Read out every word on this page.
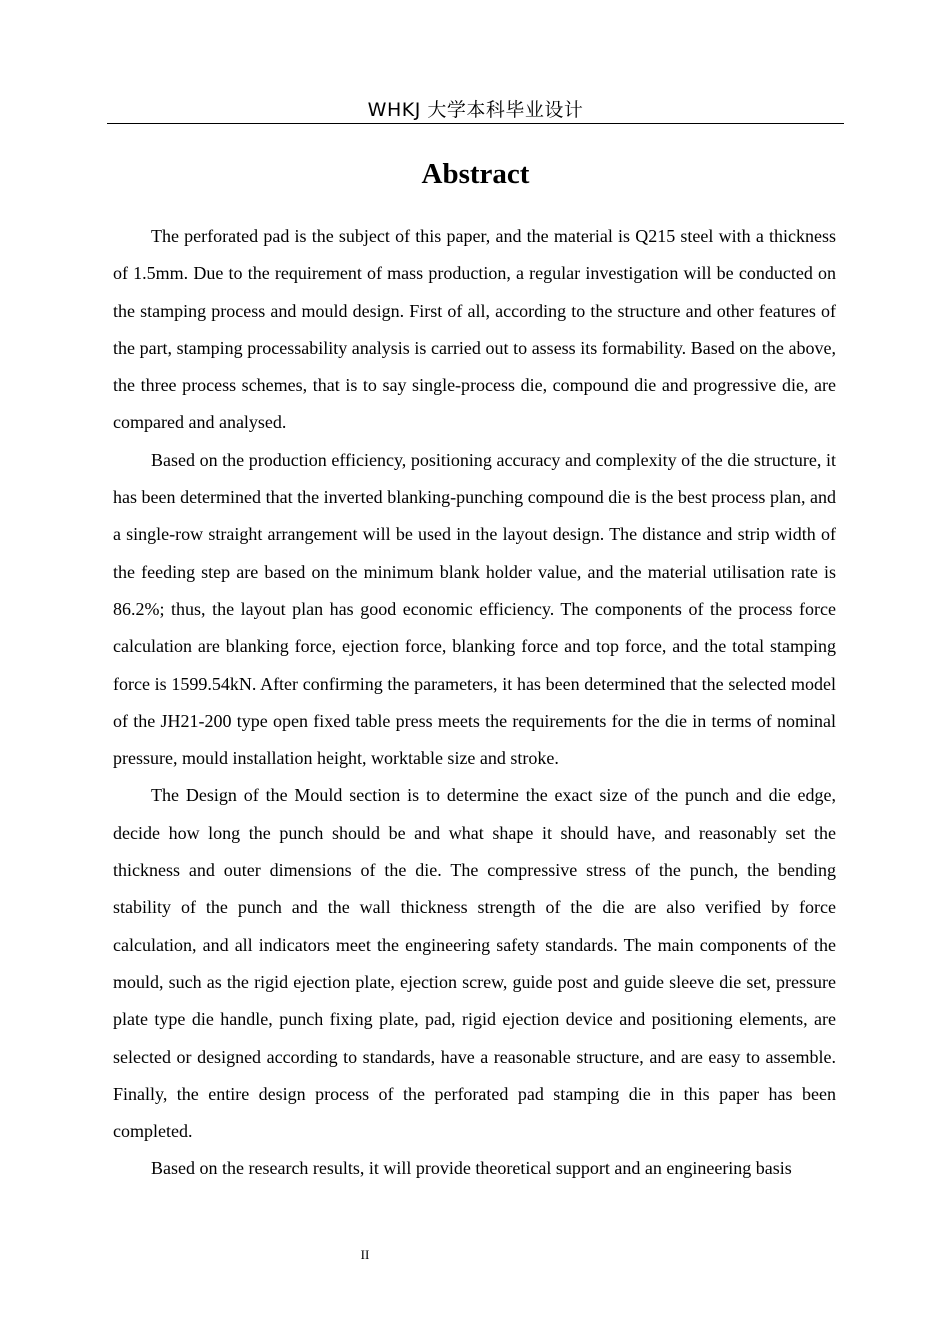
WHKJ 大学本科毕业设计
Abstract

The perforated pad is the subject of this paper, and the material is Q215 steel with a thickness of 1.5mm. Due to the requirement of mass production, a regular investigation will be conducted on the stamping process and mould design. First of all, according to the structure and other features of the part, stamping processability analysis is carried out to assess its formability. Based on the above, the three process schemes, that is to say single-process die, compound die and progressive die, are compared and analysed.

Based on the production efficiency, positioning accuracy and complexity of the die structure, it has been determined that the inverted blanking-punching compound die is the best process plan, and a single-row straight arrangement will be used in the layout design. The distance and strip width of the feeding step are based on the minimum blank holder value, and the material utilisation rate is 86.2%; thus, the layout plan has good economic efficiency. The components of the process force calculation are blanking force, ejection force, blanking force and top force, and the total stamping force is 1599.54kN. After confirming the parameters, it has been determined that the selected model of the JH21-200 type open fixed table press meets the requirements for the die in terms of nominal pressure, mould installation height, worktable size and stroke.

The Design of the Mould section is to determine the exact size of the punch and die edge, decide how long the punch should be and what shape it should have, and reasonably set the thickness and outer dimensions of the die. The compressive stress of the punch, the bending stability of the punch and the wall thickness strength of the die are also verified by force calculation, and all indicators meet the engineering safety standards. The main components of the mould, such as the rigid ejection plate, ejection screw, guide post and guide sleeve die set, pressure plate type die handle, punch fixing plate, pad, rigid ejection device and positioning elements, are selected or designed according to standards, have a reasonable structure, and are easy to assemble. Finally, the entire design process of the perforated pad stamping die in this paper has been completed.

Based on the research results, it will provide theoretical support and an engineering basis

II
